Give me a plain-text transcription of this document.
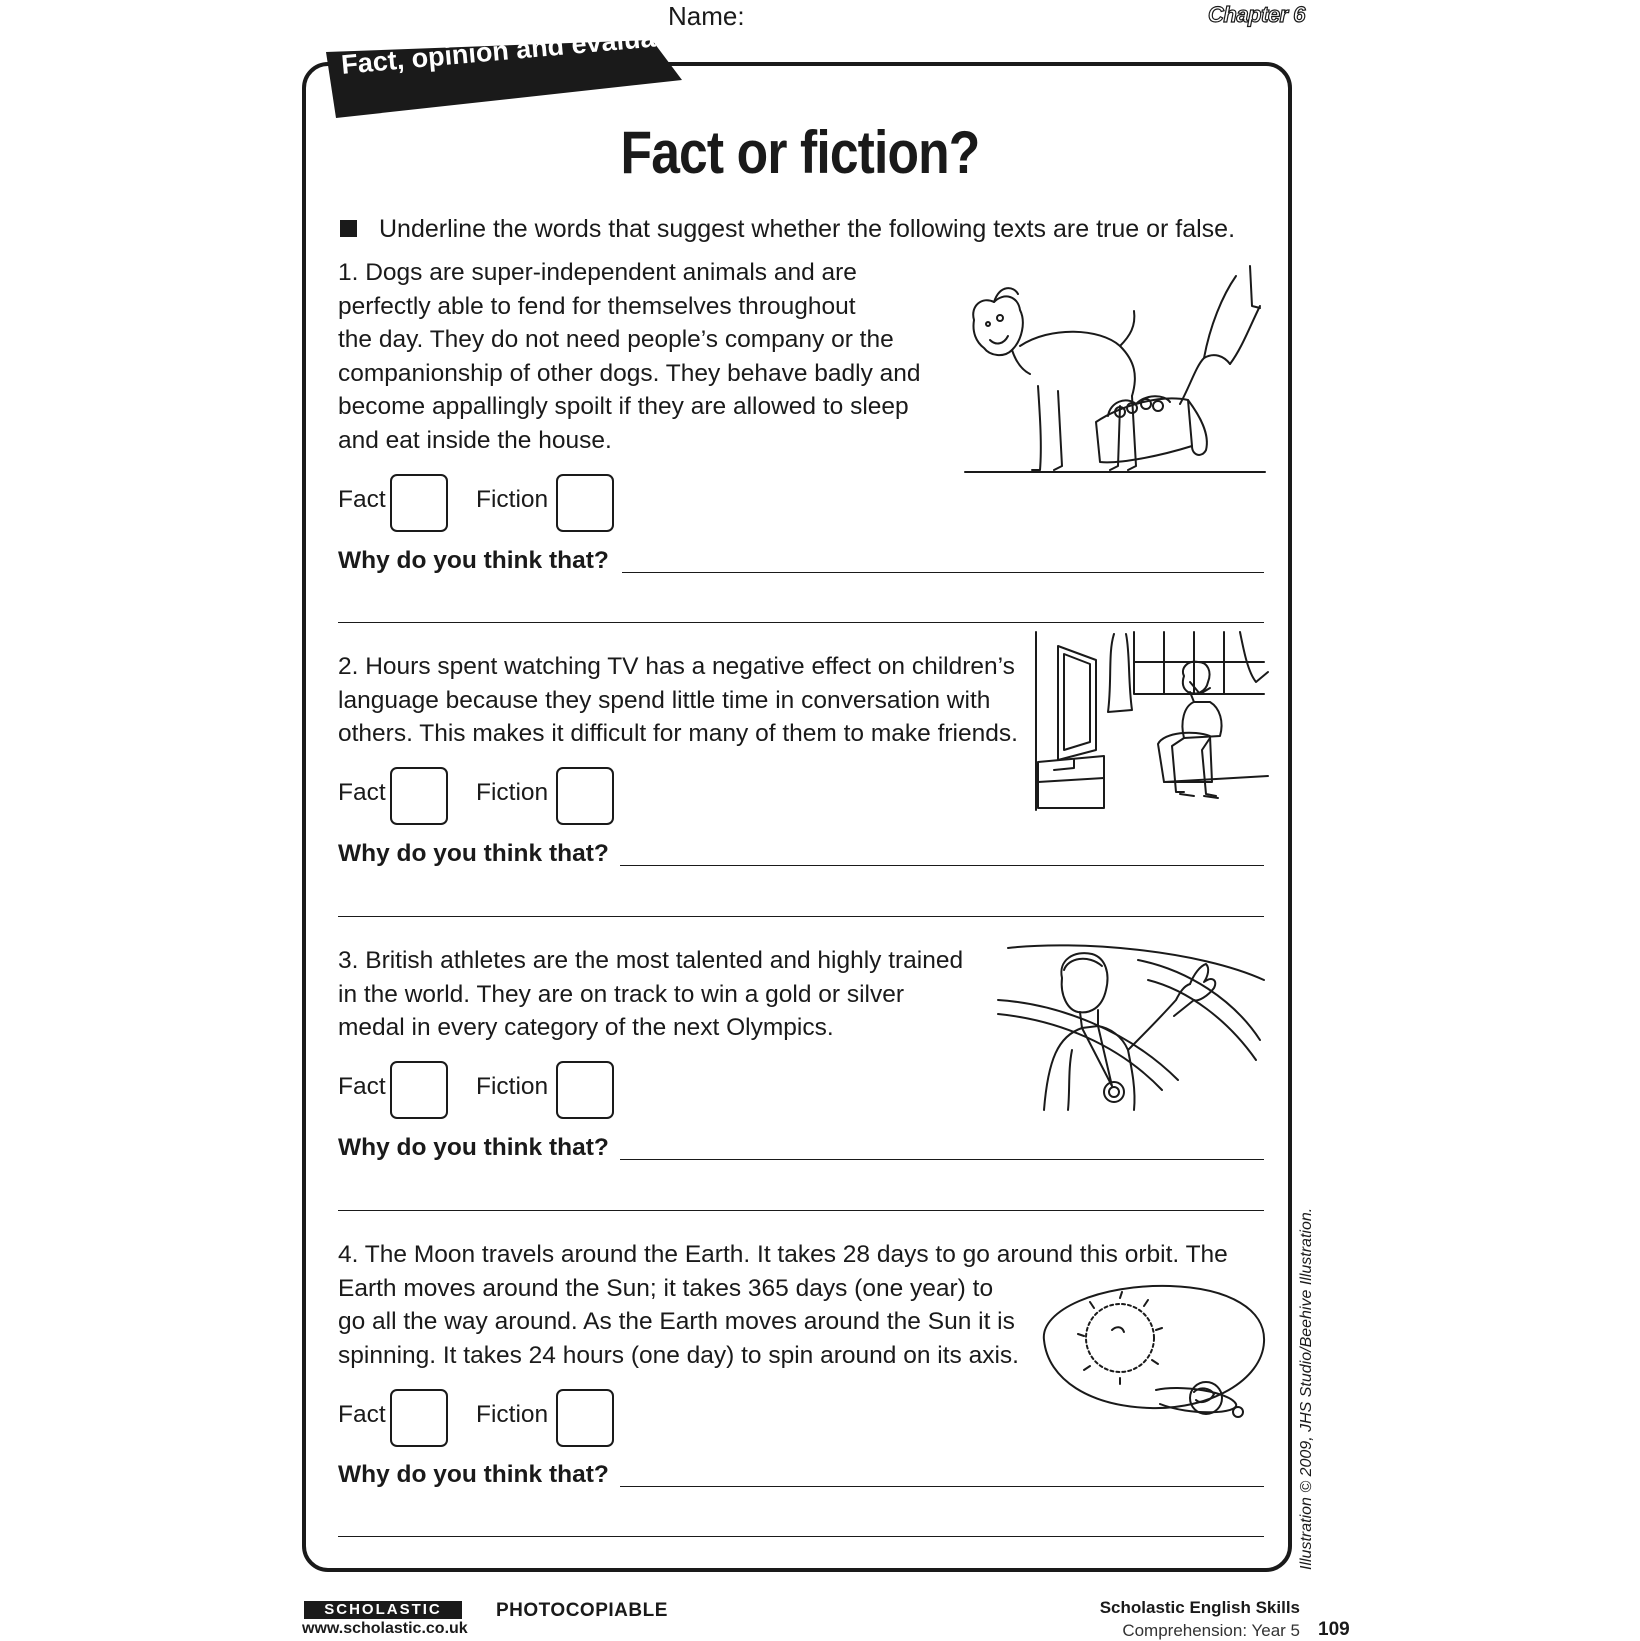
Name:	Chapter 6
Fact, opinion and evaluation
Fact or fiction?
Underline the words that suggest whether the following texts are true or false.
1. Dogs are super-independent animals and are
perfectly able to fend for themselves throughout
the day. They do not need people’s company or the
companionship of other dogs. They behave badly and
become appallingly spoilt if they are allowed to sleep
and eat inside the house.
Fact	Fiction
Why do you think that?
2. Hours spent watching TV has a negative effect on children’s
language because they spend little time in conversation with
others. This makes it difficult for many of them to make friends.
Fact	Fiction
Why do you think that?
3. British athletes are the most talented and highly trained
in the world. They are on track to win a gold or silver
medal in every category of the next Olympics.
Fact	Fiction
Why do you think that?
4. The Moon travels around the Earth. It takes 28 days to go around this orbit. The
Earth moves around the Sun; it takes 365 days (one year) to
go all the way around. As the Earth moves around the Sun it is
spinning. It takes 24 hours (one day) to spin around on its axis.
Fact	Fiction
Why do you think that?	Illustration © 2009, JHS Studio/Beehive Illustration.
SCHOLASTIC
www.scholastic.co.uk
PHOTOCOPIABLE	Scholastic English Skills
Comprehension: Year 5 109
